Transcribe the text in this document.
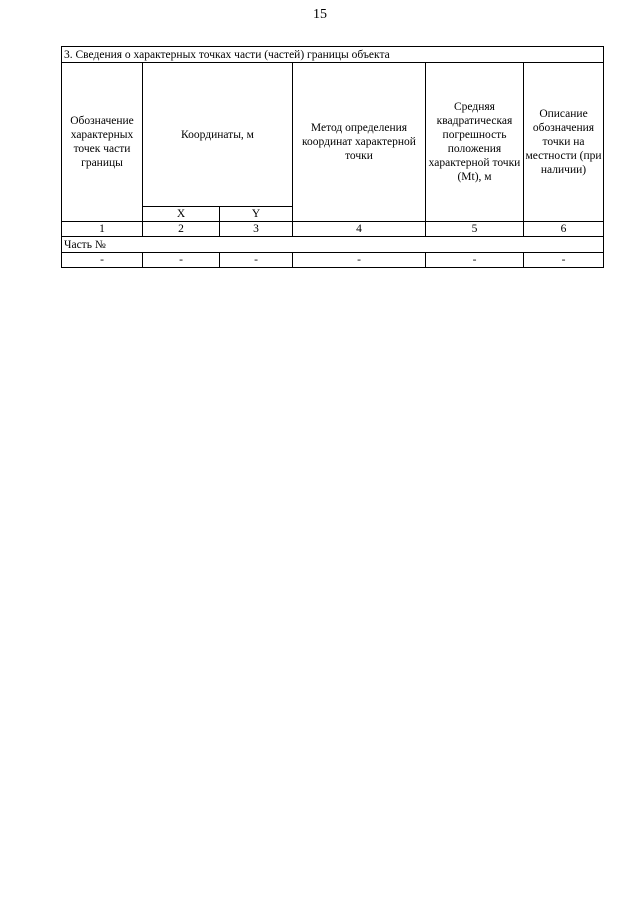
15
3. Сведения о характерных точках части (частей) границы объекта					
Обозначение характерных точек части границы	Координаты, м		Метод определения координат характерной точки	Средняя квадратическая погрешность положения характерной точки (Mt), м	Описание обозначения точки на местности (при наличии)
	X	Y			
1	2	3	4	5	6
Часть №					
-	-	-	-	-	-
